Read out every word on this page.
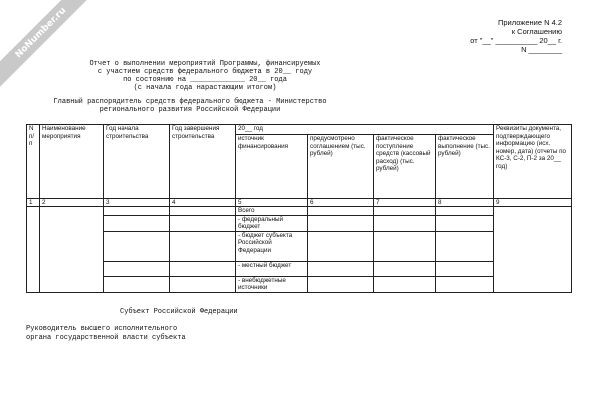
NoNumber.ru	Приложение N 4.2
к Соглашению
от "__" __________ 20__ г.
N ________
Отчет о выполнении мероприятий Программы, финансируемых
с участием средств федерального бюджета в 20__ году
по состоянию на _____________ 20__ года
(с начала года нарастающим итогом)
Главный распорядитель средств федерального бюджета - Министерство
регионального развития Российской Федерации
N п/п	Наименование мероприятия	Год начала строительства	Год завершения строительства	20__ год				Реквизиты документа, подтверждающего информацию (исх. номер, дата) (отчеты по КС-3, С-2, П-2 за 20__ год)
				источник финансирования	предусмотрено соглашением (тыс. рублей)	фактическое поступление средств (кассовый расход) (тыс. рублей)	фактическое выполнение (тыс. рублей)	
1	2	3	4	5	6	7	8	9
				Всего				
				- федеральный бюджет				
				- бюджет субъекта Российской Федерации				
				- местный бюджет				
				- внебюджетные источники				
Субъект Российской Федерации
Руководитель высшего исполнительного
органа государственной власти субъекта
